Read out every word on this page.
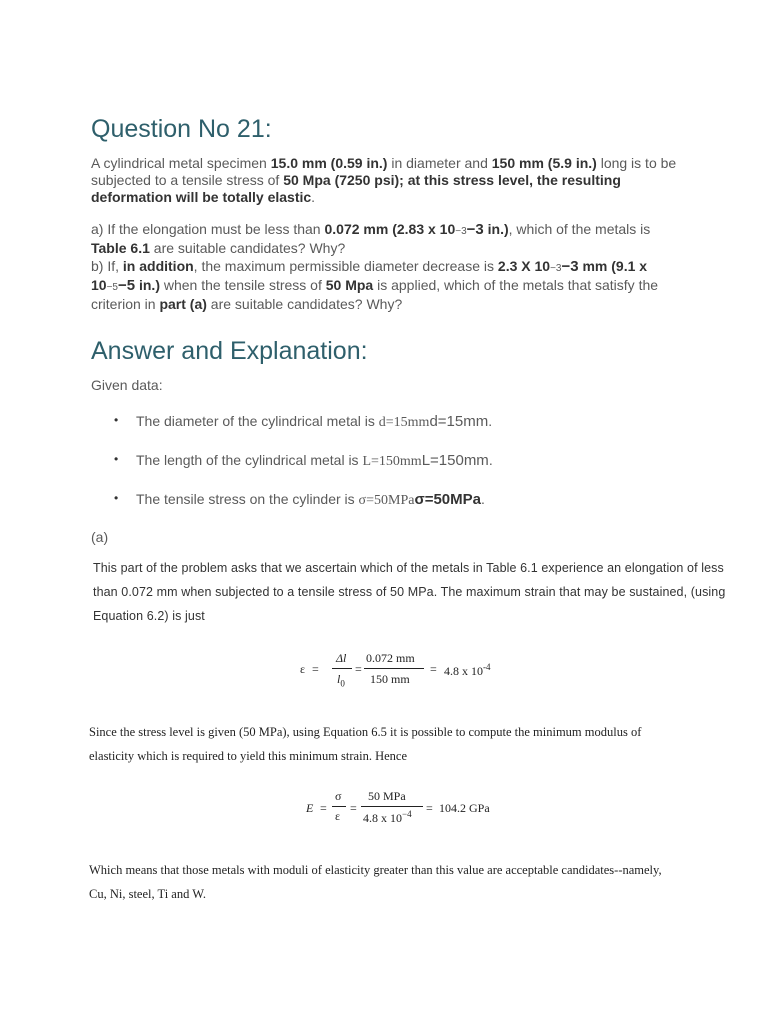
Question No 21:
A cylindrical metal specimen 15.0 mm (0.59 in.) in diameter and 150 mm (5.9 in.) long is to be subjected to a tensile stress of 50 Mpa (7250 psi); at this stress level, the resulting deformation will be totally elastic.
a) If the elongation must be less than 0.072 mm (2.83 x 10−3−3 in.), which of the metals is Table 6.1 are suitable candidates? Why?
b) If, in addition, the maximum permissible diameter decrease is 2.3 X 10−3−3 mm (9.1 x 10−5−5 in.) when the tensile stress of 50 Mpa is applied, which of the metals that satisfy the criterion in part (a) are suitable candidates? Why?
Answer and Explanation:
Given data:
• The diameter of the cylindrical metal is d=15mmd=15mm.
• The length of the cylindrical metal is L=150mmL=150mm.
• The tensile stress on the cylinder is σ=50MPaσ=50MPa.
(a)
This part of the problem asks that we ascertain which of the metals in Table 6.1 experience an elongation of less
than 0.072 mm when subjected to a tensile stress of 50 MPa. The maximum strain that may be sustained, (using
Equation 6.2) is just
ε =
Δl
$l_0$
=
0.072 mm
150 mm
= 4.8 x $10^{-4}$
Since the stress level is given (50 MPa), using Equation 6.5 it is possible to compute the minimum modulus of
elasticity which is required to yield this minimum strain. Hence
E =
σ
ε
=
50 MPa
4.8 x $10^{-4} = 104.2$ GPa
Which means that those metals with moduli of elasticity greater than this value are acceptable candidates--namely,
Cu, Ni, steel, Ti and W.
